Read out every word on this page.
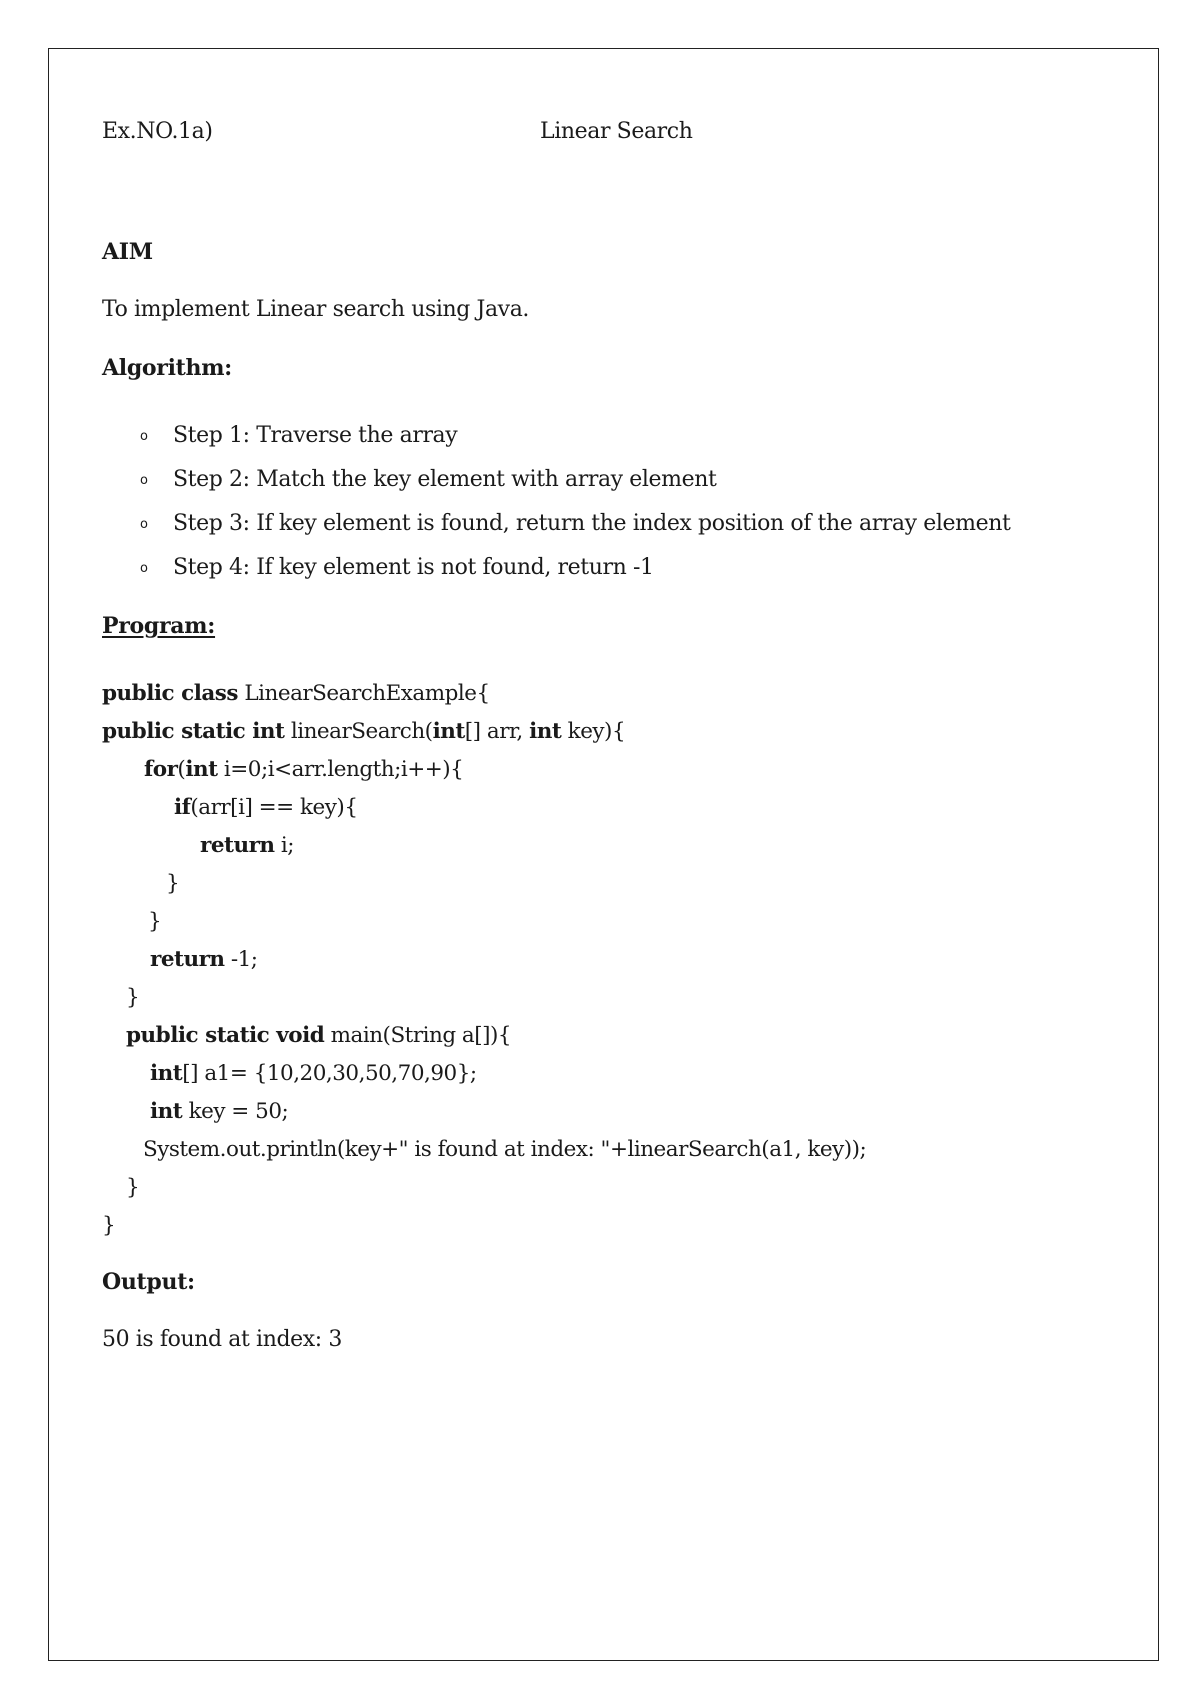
Ex.NO.1a)	Linear Search
AIM
To implement Linear search using Java.
Algorithm:
o Step 1: Traverse the array
o Step 2: Match the key element with array element
o Step 3: If key element is found, return the index position of the array element
o Step 4: If key element is not found, return -1
Program:
public class LinearSearchExample{
public static int linearSearch(int[] arr, int key){
for(int i=0;i<arr.length;i++){
if(arr[i] == key){
return i;
}
}
return -1;
}
public static void main(String a[]){
int[] a1= {10,20,30,50,70,90};
int key = 50;
System.out.println(key+" is found at index: "+linearSearch(a1, key));
}
}
Output:
50 is found at index: 3
